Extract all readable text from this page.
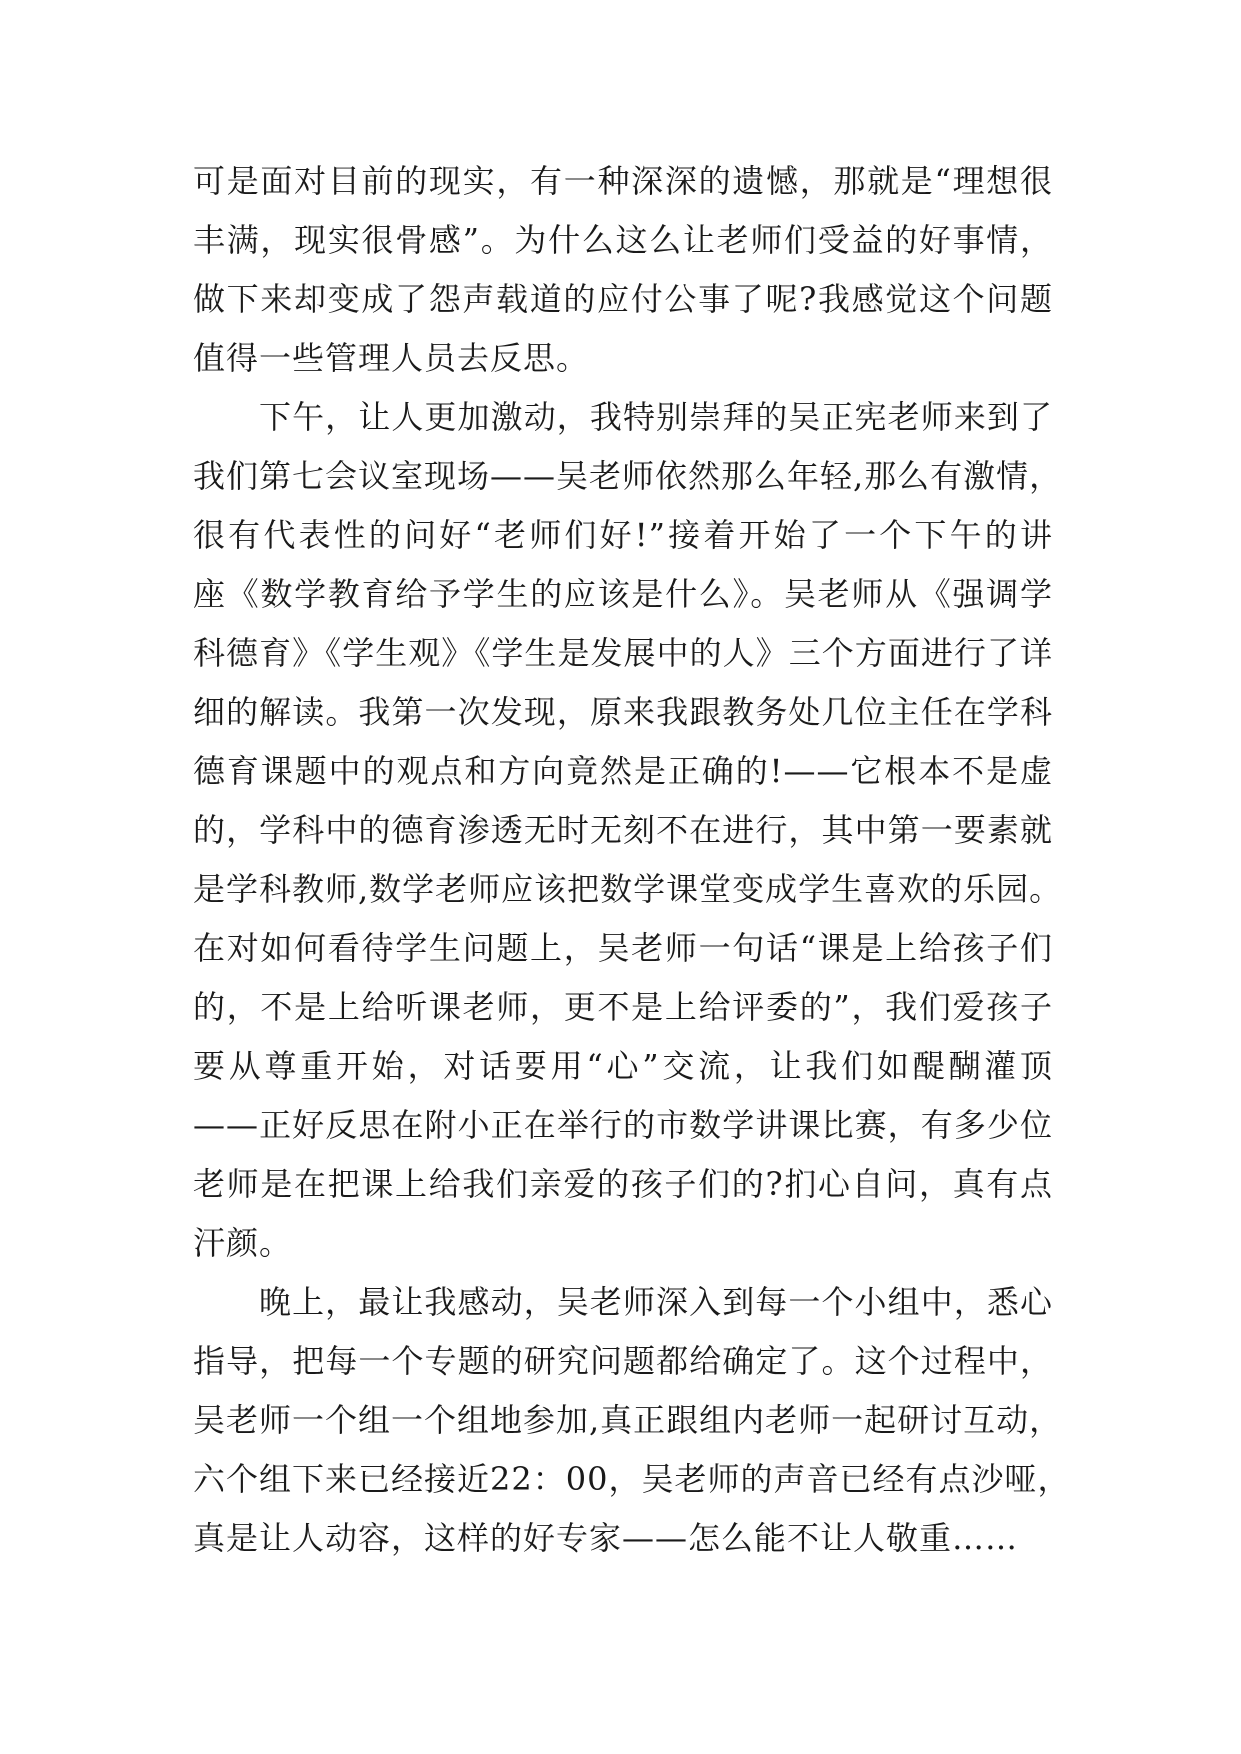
可是面对目前的现实，有一种深深的遗憾，那就是“理想很
丰满，现实很骨感”。为什么这么让老师们受益的好事情，
做下来却变成了怨声载道的应付公事了呢?我感觉这个问题
值得一些管理人员去反思。
下午，让人更加激动，我特别崇拜的吴正宪老师来到了
我们第七会议室现场——吴老师依然那么年轻,那么有激情，
很有代表性的问好“老师们好!”接着开始了一个下午的讲
座《数学教育给予学生的应该是什么》。吴老师从《强调学
科德育》《学生观》《学生是发展中的人》三个方面进行了详
细的解读。我第一次发现，原来我跟教务处几位主任在学科
德育课题中的观点和方向竟然是正确的!——它根本不是虚
的，学科中的德育渗透无时无刻不在进行，其中第一要素就
是学科教师,数学老师应该把数学课堂变成学生喜欢的乐园。
在对如何看待学生问题上，吴老师一句话“课是上给孩子们
的，不是上给听课老师，更不是上给评委的”，我们爱孩子
要从尊重开始，对话要用“心”交流，让我们如醍醐灌顶
——正好反思在附小正在举行的市数学讲课比赛，有多少位
老师是在把课上给我们亲爱的孩子们的?扪心自问，真有点
汗颜。
晚上，最让我感动，吴老师深入到每一个小组中，悉心
指导，把每一个专题的研究问题都给确定了。这个过程中，
吴老师一个组一个组地参加,真正跟组内老师一起研讨互动，
六个组下来已经接近22：00，吴老师的声音已经有点沙哑，
真是让人动容，这样的好专家——怎么能不让人敬重……
